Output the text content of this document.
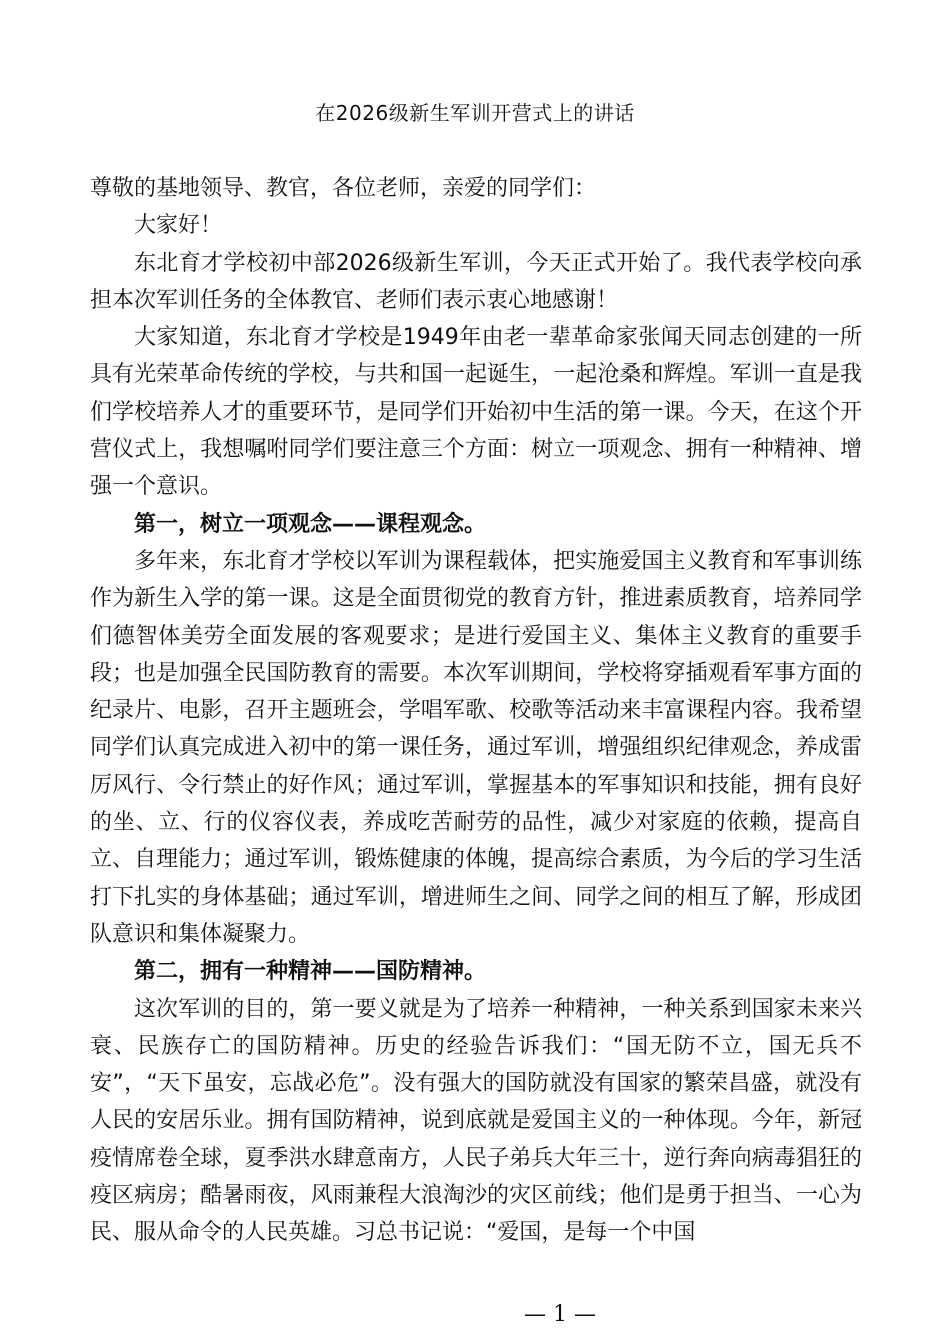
在2026级新生军训开营式上的讲话

尊敬的基地领导、教官，各位老师，亲爱的同学们：

大家好！

东北育才学校初中部2026级新生军训，今天正式开始了。我代表学校向承担本次军训任务的全体教官、老师们表示衷心地感谢！

大家知道，东北育才学校是1949年由老一辈革命家张闻天同志创建的一所具有光荣革命传统的学校，与共和国一起诞生，一起沧桑和辉煌。军训一直是我们学校培养人才的重要环节，是同学们开始初中生活的第一课。今天，在这个开营仪式上，我想嘱咐同学们要注意三个方面：树立一项观念、拥有一种精神、增强一个意识。

第一，树立一项观念——课程观念。

多年来，东北育才学校以军训为课程载体，把实施爱国主义教育和军事训练作为新生入学的第一课。这是全面贯彻党的教育方针，推进素质教育，培养同学们德智体美劳全面发展的客观要求；是进行爱国主义、集体主义教育的重要手段；也是加强全民国防教育的需要。本次军训期间，学校将穿插观看军事方面的纪录片、电影，召开主题班会，学唱军歌、校歌等活动来丰富课程内容。我希望同学们认真完成进入初中的第一课任务，通过军训，增强组织纪律观念，养成雷厉风行、令行禁止的好作风；通过军训，掌握基本的军事知识和技能，拥有良好的坐、立、行的仪容仪表，养成吃苦耐劳的品性，减少对家庭的依赖，提高自立、自理能力；通过军训，锻炼健康的体魄，提高综合素质，为今后的学习生活打下扎实的身体基础；通过军训，增进师生之间、同学之间的相互了解，形成团队意识和集体凝聚力。

第二，拥有一种精神——国防精神。

这次军训的目的，第一要义就是为了培养一种精神，一种关系到国家未来兴衰、民族存亡的国防精神。历史的经验告诉我们：“国无防不立，国无兵不安”，“天下虽安，忘战必危”。没有强大的国防就没有国家的繁荣昌盛，就没有人民的安居乐业。拥有国防精神，说到底就是爱国主义的一种体现。今年，新冠疫情席卷全球，夏季洪水肆意南方，人民子弟兵大年三十，逆行奔向病毒猖狂的疫区病房；酷暑雨夜，风雨兼程大浪淘沙的灾区前线；他们是勇于担当、一心为民、服从命令的人民英雄。习总书记说：“爱国，是每一个中国

— 1 —
